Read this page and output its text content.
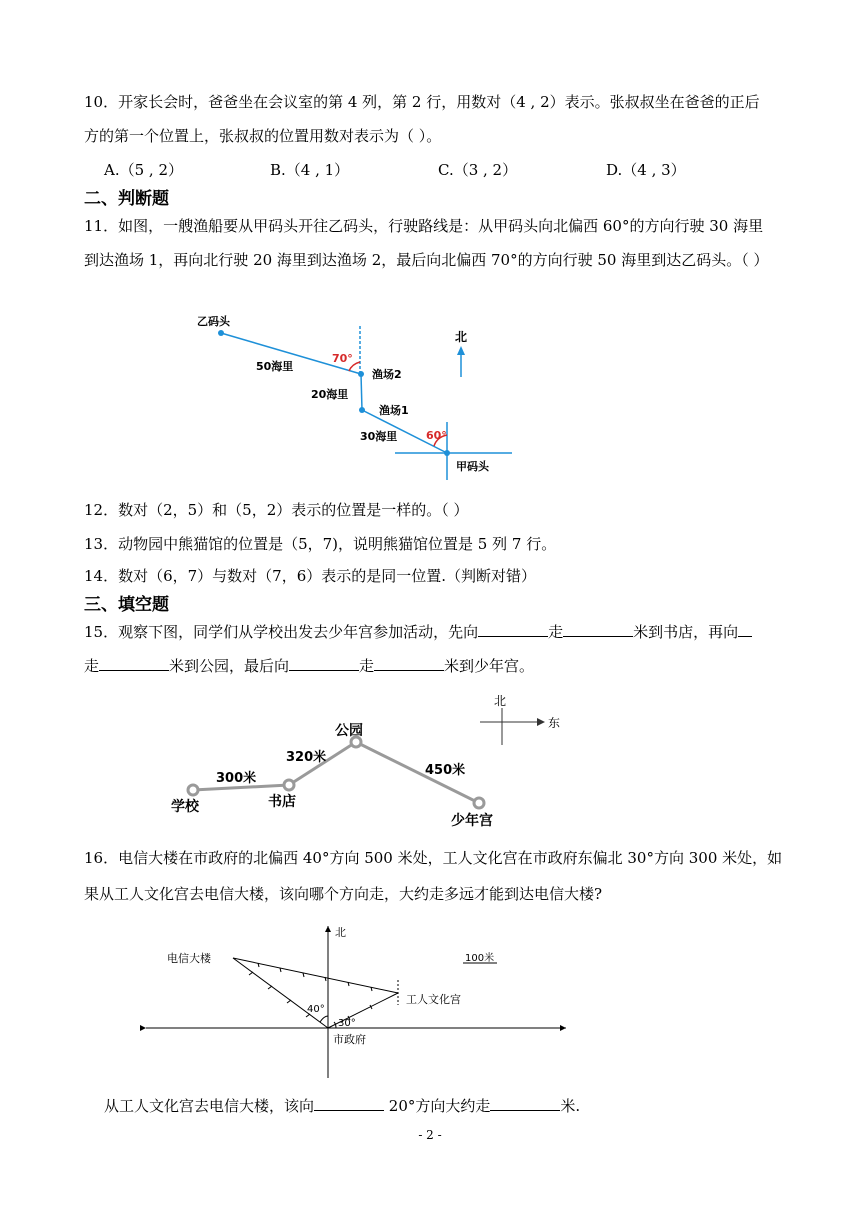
10．开家长会时，爸爸坐在会议室的第 4 列，第 2 行，用数对（4 , 2）表示。张叔叔坐在爸爸的正后
方的第一个位置上，张叔叔的位置用数对表示为（ ）。
A.（5 , 2）	B.（4 , 1）	C.（3 , 2）	D.（4 , 3）
二、判断题
11．如图，一艘渔船要从甲码头开往乙码头，行驶路线是：从甲码头向北偏西 60°的方向行驶 30 海里
到达渔场 1，再向北行驶 20 海里到达渔场 2，最后向北偏西 70°的方向行驶 50 海里到达乙码头。（ ）
乙码头
50海里
70°
渔场2
20海里
渔场1
30海里	60°
甲码头
北
12．数对（2，5）和（5，2）表示的位置是一样的。（ ）
13．动物园中熊猫馆的位置是（5，7)，说明熊猫馆位置是 5 列 7 行。
14．数对（6，7）与数对（7，6）表示的是同一位置.（判断对错）
三、填空题
15．观察下图，同学们从学校出发去少年宫参加活动，先向	走	米到书店，再向
走	米到公园，最后向	走	米到少年宫。
北
东
学校	书店
公园
少年宫
300米
320米
450米
16．电信大楼在市政府的北偏西 40°方向 500 米处，工人文化宫在市政府东偏北 30°方向 300 米处，如
果从工人文化宫去电信大楼，该向哪个方向走，大约走多远才能到达电信大楼?
北
电信大楼
工人文化宫
市政府
40°
30°
100米
从工人文化宫去电信大楼，该向	20°方向大约走	米.
- 2 -
